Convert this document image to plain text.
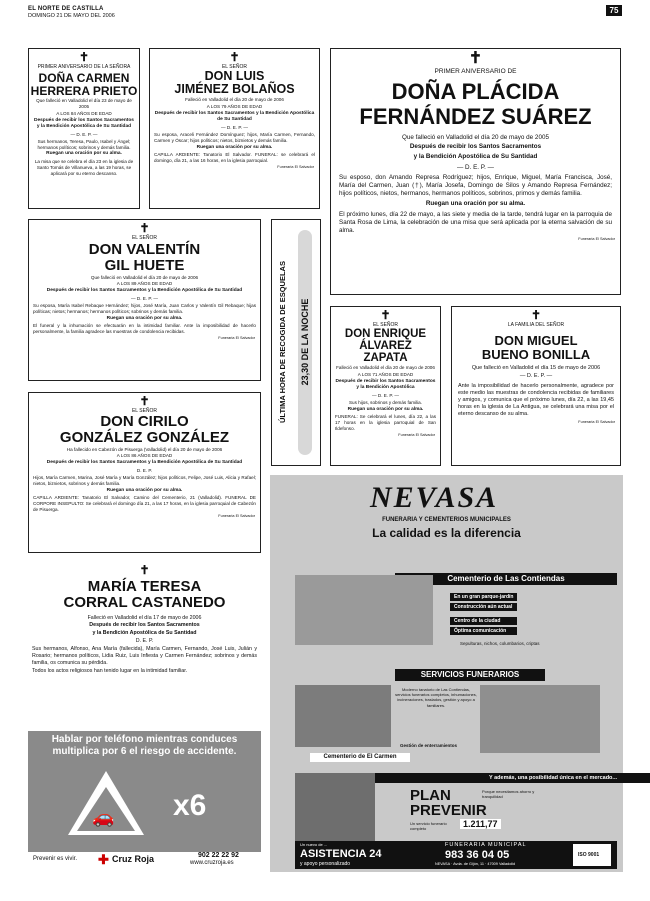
EL NORTE DE CASTILLA
DOMINGO 21 DE MAYO DEL 2006
75
✝
PRIMER ANIVERSARIO DE LA SEÑORA
DOÑA CARMEN
HERRERA PRIETO
Que falleció en Valladolid el día 23 de mayo de 2005
A LOS 84 AÑOS DE EDAD
Después de recibir los Santos Sacramentos y la Bendición Apostólica de Su Santidad
— D. E. P. —
Sus hermanos, Teresa, Paulo, Isabel y Ángel; hermanos políticos; sobrinos y demás familia.
Ruegan una oración por su alma.
La misa que se celebra el día 23 en la iglesia de Santo Tomás de Villanueva, a las 19 horas, se aplicará por su eterno descanso.
✝
EL SEÑOR
DON LUIS
JIMÉNEZ BOLAÑOS
Falleció en Valladolid el día 20 de mayo de 2006
A LOS 79 AÑOS DE EDAD
Después de recibir los Santos Sacramentos y la Bendición Apostólica de Su Santidad
— D. E. P. —
Su esposa, Araceli Fernández Domínguez; hijos, María Carmen, Fernando, Carmen y Óscar; hijos políticos; nietos, biznietos y demás familia.
Ruegan una oración por su alma.
CAPILLA ARDIENTE: Tanatorio El Salvador. FUNERAL: se celebrará el domingo, día 21, a las 16 horas, en la iglesia parroquial.
Funeraria El Salvador
✝
PRIMER ANIVERSARIO DE
DOÑA PLÁCIDA
FERNÁNDEZ SUÁREZ
Que falleció en Valladolid el día 20 de mayo de 2005
Después de recibir los Santos Sacramentos
y la Bendición Apostólica de Su Santidad
— D. E. P. —
Su esposo, don Amando Represa Rodríguez; hijos, Enrique, Miguel, María Francisca, José, María del Carmen, Juan (†), María Josefa, Domingo de Silos y Amando Represa Fernández; hijos políticos, nietos, hermanos, hermanos políticos, sobrinos, primos y demás familia.
Ruegan una oración por su alma.
El próximo lunes, día 22 de mayo, a las siete y media de la tarde, tendrá lugar en la parroquia de Santa Rosa de Lima, la celebración de una misa que será aplicada por la eterna salvación de su alma.
Funeraria El Salvador
✝
EL SEÑOR
DON VALENTÍN
GIL HUETE
Que falleció en Valladolid el día 20 de mayo de 2006
A LOS 89 AÑOS DE EDAD
Después de recibir los Santos Sacramentos y la Bendición Apostólica de Su Santidad
— D. E. P. —
Su esposa, María Isabel Rebaque Hernández; hijos, José María, Juan Carlos y Valentín Gil Rebaque; hijas políticas; nietos; hermanos; hermanos políticos; sobrinos y demás familia.
Ruegan una oración por su alma.
El funeral y la inhumación se efectuarán en la intimidad familiar. Ante la imposibilidad de hacerlo personalmente, la familia agradece las muestras de condolencia recibidas.
Funeraria El Salvador	ÚLTIMA HORA DE RECOGIDA DE ESQUELAS 23,30 DE LA NOCHE	✝
EL SEÑOR
DON ENRIQUE
ÁLVAREZ
ZAPATA
Falleció en Valladolid el día 20 de mayo de 2006
A LOS 71 AÑOS DE EDAD
Después de recibir los Santos Sacramentos y la Bendición Apostólica
— D. E. P. —
Sus hijos, sobrinos y demás familia.
Ruegan una oración por su alma.
FUNERAL: Se celebrará el lunes, día 22, a las 17 horas en la iglesia parroquial de San Ildefonso.
Funeraria El Salvador
✝
LA FAMILIA DEL SEÑOR
DON MIGUEL
BUENO BONILLA
Que falleció en Valladolid el día 15 de mayo de 2006
— D. E. P. —
Ante la imposibilidad de hacerlo personalmente, agradece por este medio las muestras de condolencia recibidas de familiares y amigos, y comunica que el próximo lunes, día 22, a las 19,45 horas en la iglesia de La Antigua, se celebrará una misa por el eterno descanso de su alma.
Funeraria El Salvador
✝
EL SEÑOR
DON CIRILO
GONZÁLEZ GONZÁLEZ
Ha fallecido en Cabezón de Pisuerga (Valladolid) el día 20 de mayo de 2006
A LOS 86 AÑOS DE EDAD
Después de recibir los Santos Sacramentos y la Bendición Apostólica de Su Santidad
D. E. P.
Hijos, María Carmen, Marina, José María y María González; hijos políticos, Felipe, José Luis, Alicia y Rafael; nietos, biznietos, sobrinos y demás familia.
Ruegan una oración por su alma.
CAPILLA ARDIENTE: Tanatorio El Salvador, Camino del Cementerio, 21 (Valladolid). FUNERAL DE CORPORE INSEPULTO: Se celebrará el domingo día 21, a las 17 horas, en la iglesia parroquial de Cabezón de Pisuerga.
Funeraria El Salvador
✝
MARÍA TERESA
CORRAL CASTANEDO
Falleció en Valladolid el día 17 de mayo de 2006
Después de recibir los Santos Sacramentos
y la Bendición Apostólica de Su Santidad
D. E. P.
Sus hermanos, Alfonso, Ana María (fallecida), María Carmen, Fernando, José Luis, Julián y Rosario; hermanos políticos, Lidia Ruiz, Luis Infiesta y Carmen Fernández; sobrinos y demás familia, os comunica su pérdida.
Todos los actos religiosos han tenido lugar en la intimidad familiar.
Hablar por teléfono mientras conduces multiplica por 6 el riesgo de accidente.
🚗 x6
Prevenir es vivir. ✚ Cruz Roja	902 22 22 92
www.cruzroja.es
NEVASA
FUNERARIA Y CEMENTERIOS MUNICIPALES
La calidad es la diferencia
Cementerio de Las Contiendas
En un gran parque-jardín
Construcción aún actual
Centro de la ciudad
Óptima comunicación
Sepulturas, nichos, columbarios, criptas
SERVICIOS FUNERARIOS
Moderno tanatorio de Las Contiendas, servicios funerarios completos, inhumaciones, incineraciones, traslados, gestión y apoyo a familiares.
Gestión de enterramientos
Cementerio de El Carmen
Y además, una posibilidad única en el mercado...
PLAN
PREVENIR
Porque necesitamos ahorro y tranquilidad
Un servicio funerario completo	1.211,77
Un nuevo de ...
ASISTENCIA 24
y apoyo personalizado
FUNERARIA MUNICIPAL
983 36 04 05
NEVASA · Avda. de Gijón, 11 · 47009 Valladolid
ISO 9001
